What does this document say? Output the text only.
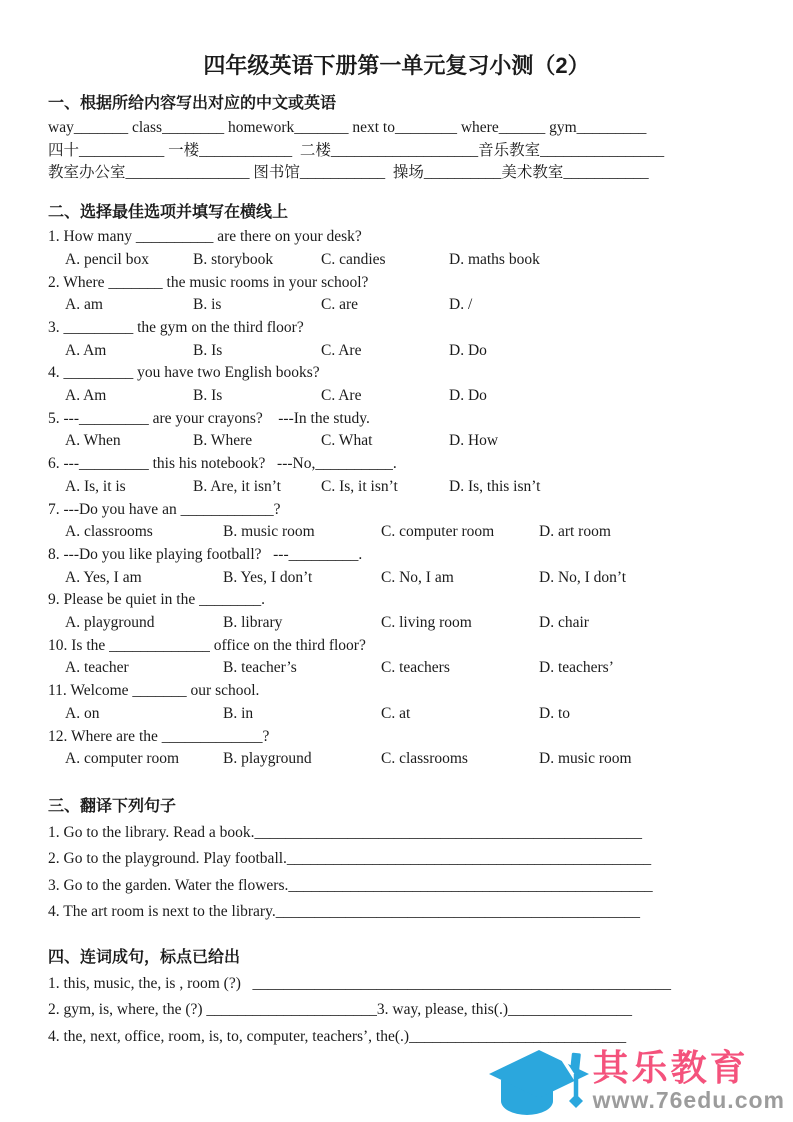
四年级英语下册第一单元复习小测（2）
一、根据所给内容写出对应的中文或英语

way_______ class________ homework_______ next to________ where______ gym_________

四十___________ 一楼____________  二楼___________________音乐教室________________

教室办公室________________ 图书馆___________  操场__________美术教室___________

二、选择最佳选项并填写在横线上

1. How many __________ are there on your desk?

A. pencil box	B. storybook	C. candies	D. maths book

2. Where _______ the music rooms in your school?

A. am	B. is	C. are	D. /

3. _________ the gym on the third floor?

A. Am	B. Is	C. Are	D. Do

4. _________ you have two English books?

A. Am	B. Is	C. Are	D. Do

5. ---_________ are your crayons?    ---In the study.

A. When	B. Where	C. What	D. How

6. ---_________ this his notebook?   ---No,__________.

A. Is, it is	B. Are, it isn’t	C. Is, it isn’t	D. Is, this isn’t

7. ---Do you have an ____________?

A. classrooms	B. music room	C. computer room	D. art room

8. ---Do you like playing football?   ---_________.

A. Yes, I am	B. Yes, I don’t	C. No, I am	D. No, I don’t

9. Please be quiet in the ________.

A. playground	B. library	C. living room	D. chair

10. Is the _____________ office on the third floor?

A. teacher	B. teacher’s	C. teachers	D. teachers’

11. Welcome _______ our school.

A. on	B. in	C. at	D. to

12. Where are the _____________?

A. computer room	B. playground	C. classrooms	D. music room

三、翻译下列句子

1. Go to the library. Read a book.__________________________________________________

2. Go to the playground. Play football._______________________________________________

3. Go to the garden. Water the flowers._______________________________________________

4. The art room is next to the library._______________________________________________

四、连词成句，标点已给出

1. this, music, the, is , room (?)   ______________________________________________________

2. gym, is, where, the (?) ______________________3. way, please, this(.)________________

4. the, next, office, room, is, to, computer, teachers’, the(.)____________________________

其乐教育
www.76edu.com
